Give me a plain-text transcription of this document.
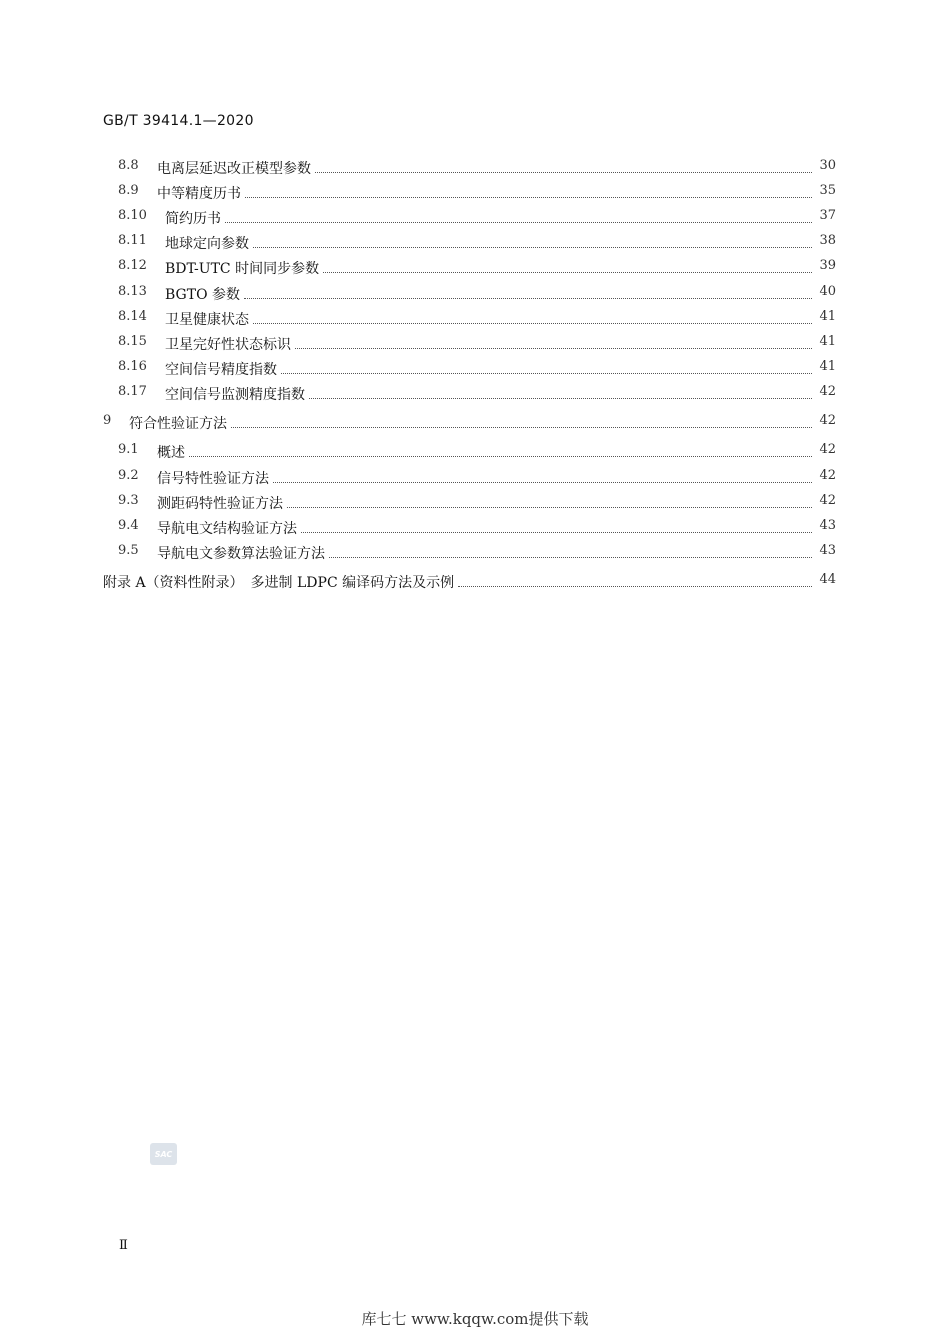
GB/T 39414.1—2020
8.8 电离层延迟改正模型参数	30
8.9 中等精度历书	35
8.10 简约历书	37
8.11 地球定向参数	38
8.12 BDT-UTC 时间同步参数	39
8.13 BGTO 参数	40
8.14 卫星健康状态	41
8.15 卫星完好性状态标识	41
8.16 空间信号精度指数	41
8.17 空间信号监测精度指数	42
9 符合性验证方法	42
9.1 概述	42
9.2 信号特性验证方法	42
9.3 测距码特性验证方法	42
9.4 导航电文结构验证方法	43
9.5 导航电文参数算法验证方法	43
附录 A（资料性附录）　多进制 LDPC 编译码方法及示例	44
SAC
Ⅱ
库七七 www.kqqw.com提供下载
